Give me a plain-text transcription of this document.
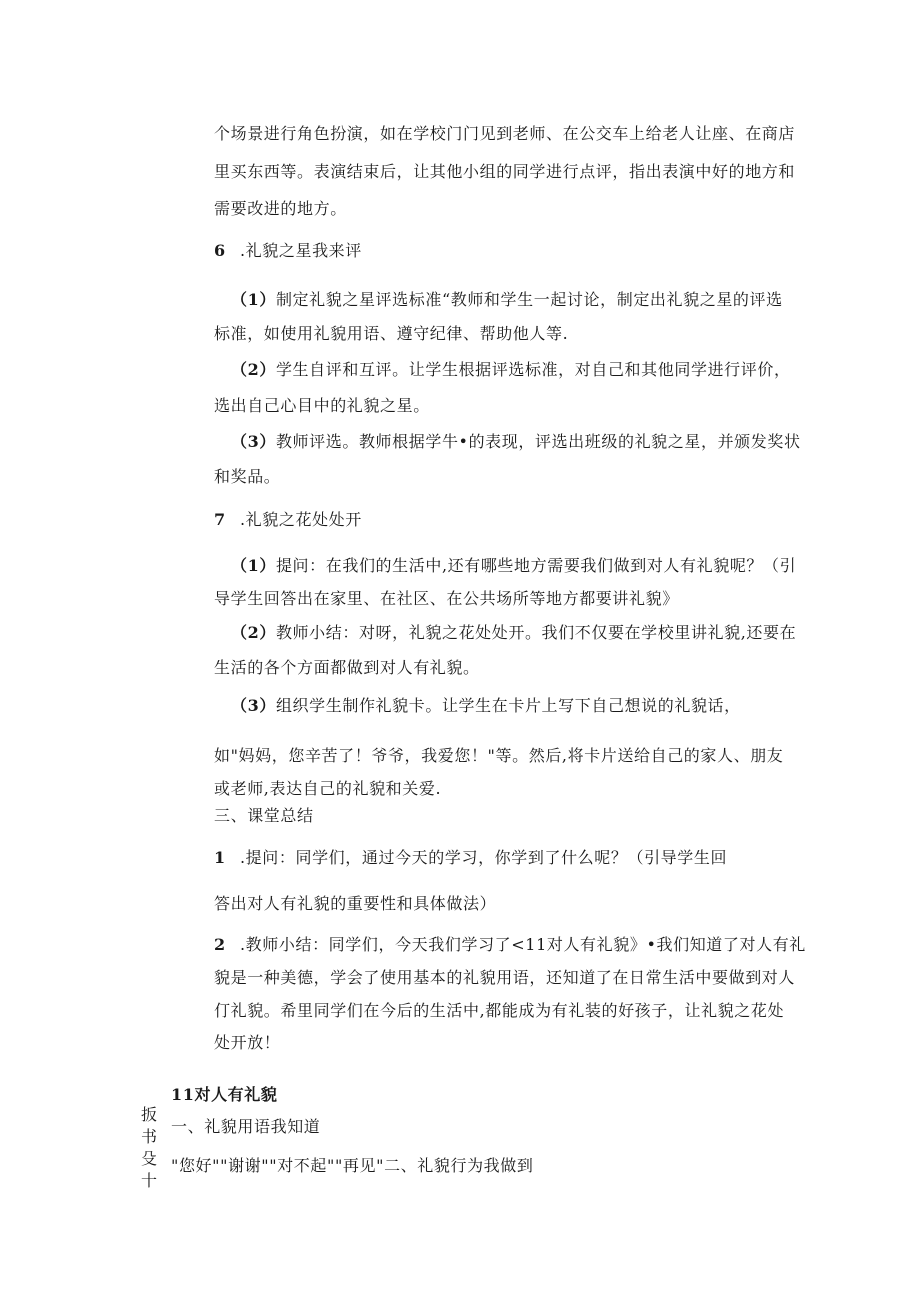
个场景进行角色扮演，如在学校门门见到老师、在公交车上给老人让座、在商店

里买东西等。表演结束后，让其他小组的同学进行点评，指出表演中好的地方和

需要改进的地方。

6 .礼貌之星我来评

（1）制定礼貌之星评选标准“教师和学生一起讨论，制定出礼貌之星的评选

标准，如使用礼貌用语、遵守纪律、帮助他人等.

（2）学生自评和互评。让学生根据评选标准，对自己和其他同学进行评价，

选出自己心目中的礼貌之星。

（3）教师评选。教师根据学牛•的表现，评选出班级的礼貌之星，并颁发奖状

和奖品。

7 .礼貌之花处处开

（1）提问：在我们的生活中,还有哪些地方需要我们做到对人有礼貌呢？（引

导学生回答出在家里、在社区、在公共场所等地方都要讲礼貌》

（2）教师小结：对呀，礼貌之花处处开。我们不仅要在学校里讲礼貌,还要在

生活的各个方面都做到对人有礼貌。

（3）组织学生制作礼貌卡。让学生在卡片上写下自己想说的礼貌话，

如"妈妈，您辛苦了！爷爷，我爱您！"等。然后,将卡片送给自己的家人、朋友

或老师,表达自己的礼貌和关爱.

三、课堂总结

1 .提问：同学们，通过今天的学习，你学到了什么呢？（引导学生回

答出对人有礼貌的重要性和具体做法）

2 .教师小结：同学们，今天我们学习了<11对人有礼貌》•我们知道了对人有礼

貌是一种美德，学会了使用基本的礼貌用语，还知道了在日常生活中要做到对人

仃礼貌。希里同学们在今后的生活中,都能成为有礼装的好孩子，让礼貌之花处

处开放！

11对人有礼貌

扳
书
殳
十

一、礼貌用语我知道

"您好""谢谢""对不起""再见"二、礼貌行为我做到
